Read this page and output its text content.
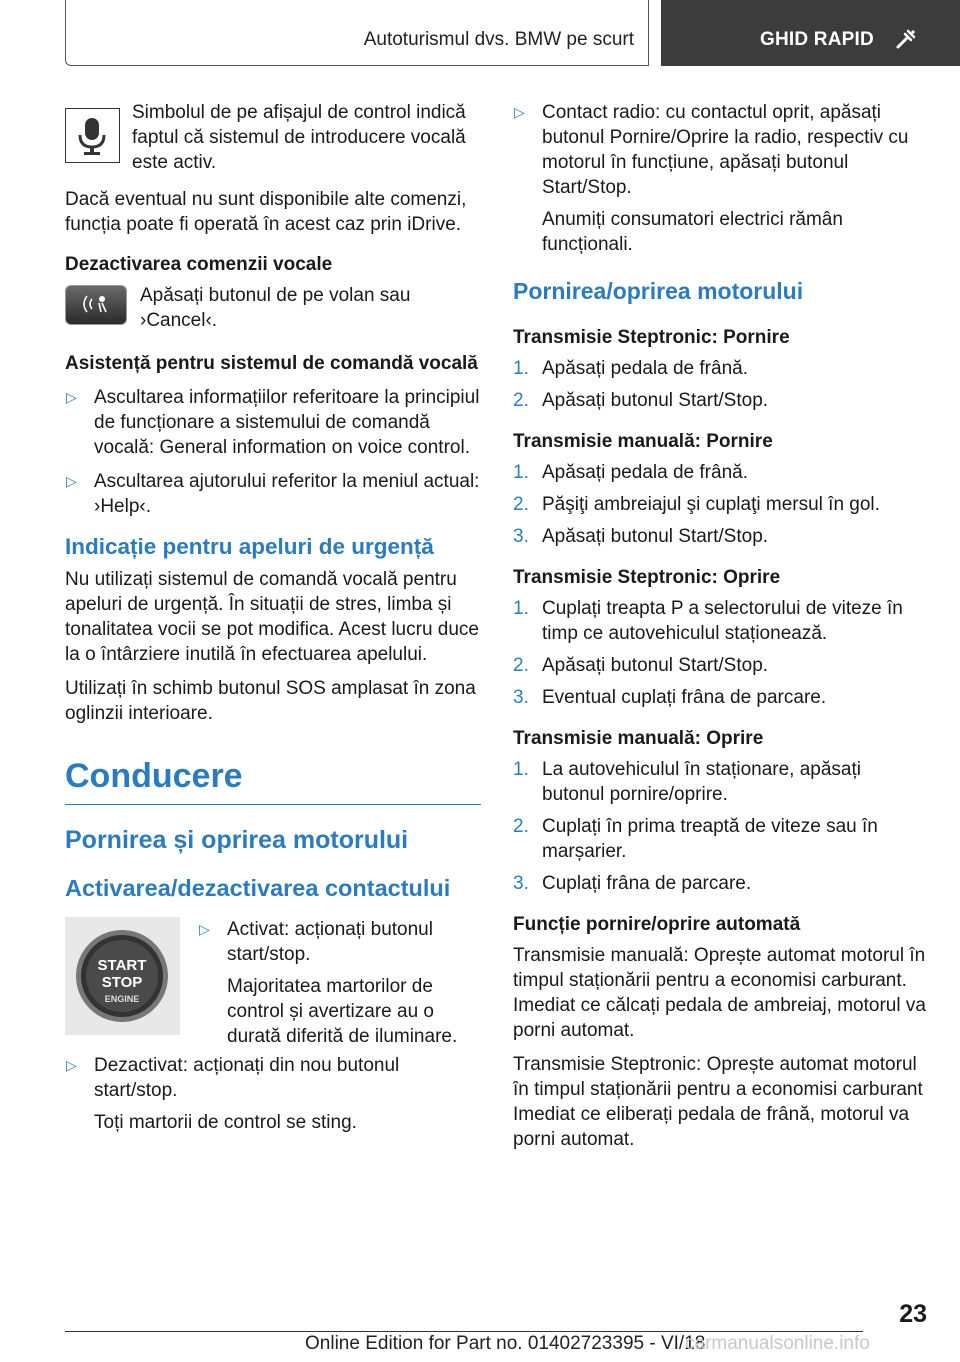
Autoturismul dvs. BMW pe scurt	GHID RAPID

Simbolul de pe afișajul de control indică faptul că sistemul de introducere vocală este activ.

Dacă eventual nu sunt disponibile alte comenzi, funcția poate fi operată în acest caz prin iDrive.

Dezactivarea comenzii vocale

Apăsați butonul de pe volan sau ›Cancel‹.

Asistență pentru sistemul de comandă vocală
▷ Ascultarea informațiilor referitoare la principiul de funcționare a sistemului de comandă vocală: General information on voice control.
▷ Ascultarea ajutorului referitor la meniul actual: ›Help‹.
Indicație pentru apeluri de urgență

Nu utilizați sistemul de comandă vocală pentru apeluri de urgență. În situații de stres, limba și tonalitatea vocii se pot modifica. Acest lucru duce la o întârziere inutilă în efectuarea apelului.

Utilizați în schimb butonul SOS amplasat în zona oglinzii interioare.

Conducere
Pornirea și oprirea motorului
Activarea/dezactivarea contactului
START
STOP
ENGINE
▷ Activat: acționați butonul start/stop.
Majoritatea martorilor de control și avertizare au o durată diferită de iluminare.
▷ Dezactivat: acționați din nou butonul start/stop.
Toți martorii de control se sting.
▷ Contact radio: cu contactul oprit, apăsați butonul Pornire/Oprire la radio, respectiv cu motorul în funcțiune, apăsați butonul Start/Stop.
Anumiți consumatori electrici rămân funcționali.
Pornirea/oprirea motorului
Transmisie Steptronic: Pornire
1. Apăsați pedala de frână.
2. Apăsați butonul Start/Stop.
Transmisie manuală: Pornire
1. Apăsați pedala de frână.
2. Păşiţi ambreiajul şi cuplaţi mersul în gol.
3. Apăsați butonul Start/Stop.
Transmisie Steptronic: Oprire
1. Cuplați treapta P a selectorului de viteze în timp ce autovehiculul staționează.
2. Apăsați butonul Start/Stop.
3. Eventual cuplați frâna de parcare.
Transmisie manuală: Oprire
1. La autovehiculul în staționare, apăsați butonul pornire/oprire.
2. Cuplați în prima treaptă de viteze sau în marșarier.
3. Cuplați frâna de parcare.
Funcție pornire/oprire automată

Transmisie manuală: Oprește automat motorul în timpul staționării pentru a economisi carburant. Imediat ce călcați pedala de ambreiaj, motorul va porni automat.

Transmisie Steptronic: Oprește automat motorul în timpul staționării pentru a economisi carburant Imediat ce eliberați pedala de frână, motorul va porni automat.

23
Online Edition for Part no. 01402723395 - VI/18
carmanualsonline.info
